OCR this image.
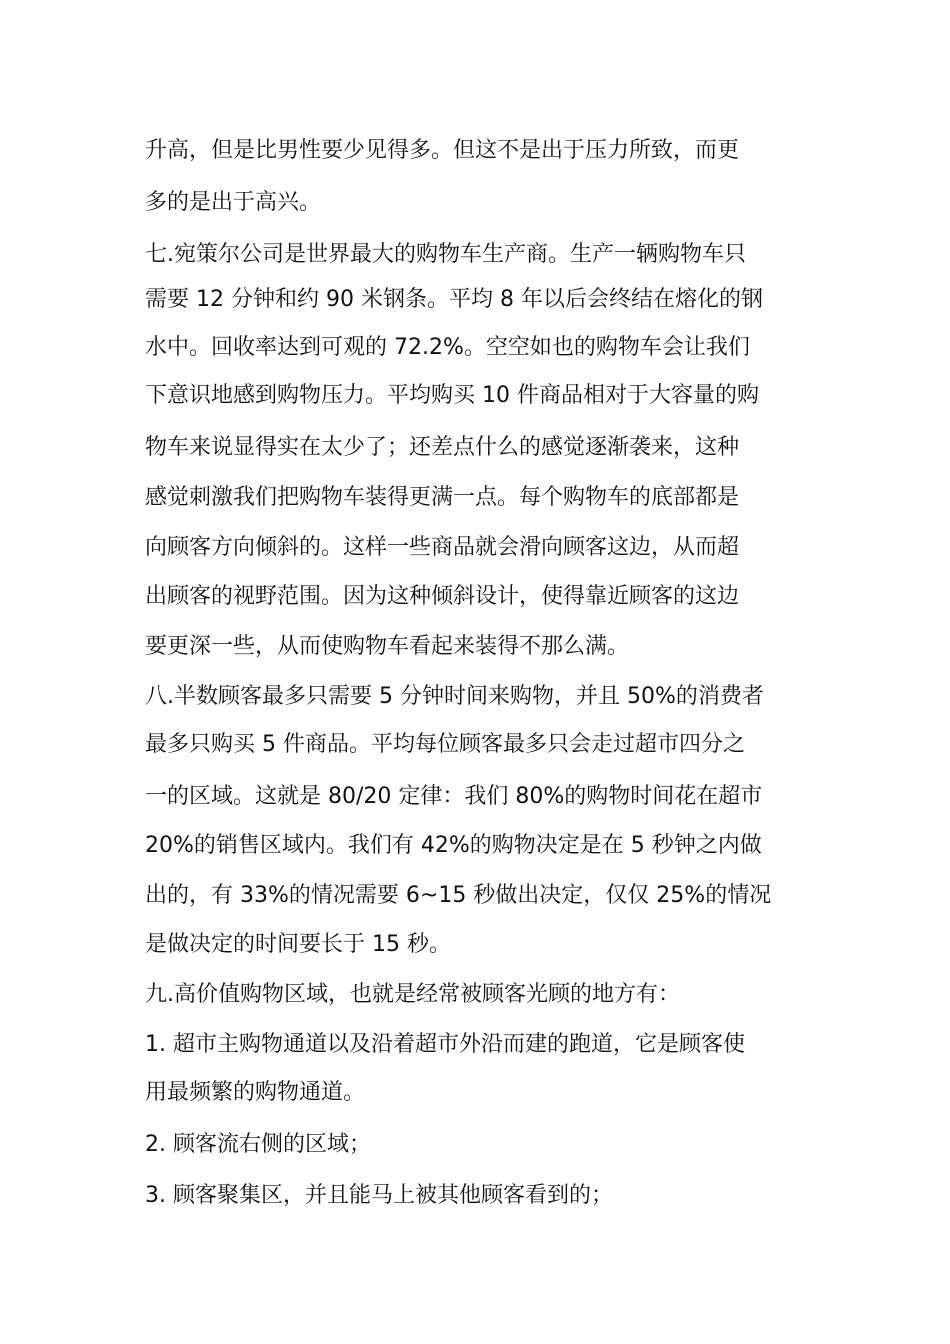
升高，但是比男性要少见得多。但这不是出于压力所致，而更
多的是出于高兴。
七.宛策尔公司是世界最大的购物车生产商。生产一辆购物车只
需要 12 分钟和约 90 米钢条。平均 8 年以后会终结在熔化的钢
水中。回收率达到可观的 72.2%。空空如也的购物车会让我们
下意识地感到购物压力。平均购买 10 件商品相对于大容量的购
物车来说显得实在太少了；还差点什么的感觉逐渐袭来，这种
感觉刺激我们把购物车装得更满一点。每个购物车的底部都是
向顾客方向倾斜的。这样一些商品就会滑向顾客这边，从而超
出顾客的视野范围。因为这种倾斜设计，使得靠近顾客的这边
要更深一些，从而使购物车看起来装得不那么满。
八.半数顾客最多只需要 5 分钟时间来购物，并且 50%的消费者
最多只购买 5 件商品。平均每位顾客最多只会走过超市四分之
一的区域。这就是 80/20 定律：我们 80%的购物时间花在超市
20%的销售区域内。我们有 42%的购物决定是在 5 秒钟之内做
出的，有 33%的情况需要 6~15 秒做出决定，仅仅 25%的情况
是做决定的时间要长于 15 秒。
九.高价值购物区域，也就是经常被顾客光顾的地方有：
1. 超市主购物通道以及沿着超市外沿而建的跑道，它是顾客使
用最频繁的购物通道。
2. 顾客流右侧的区域；
3. 顾客聚集区，并且能马上被其他顾客看到的；
